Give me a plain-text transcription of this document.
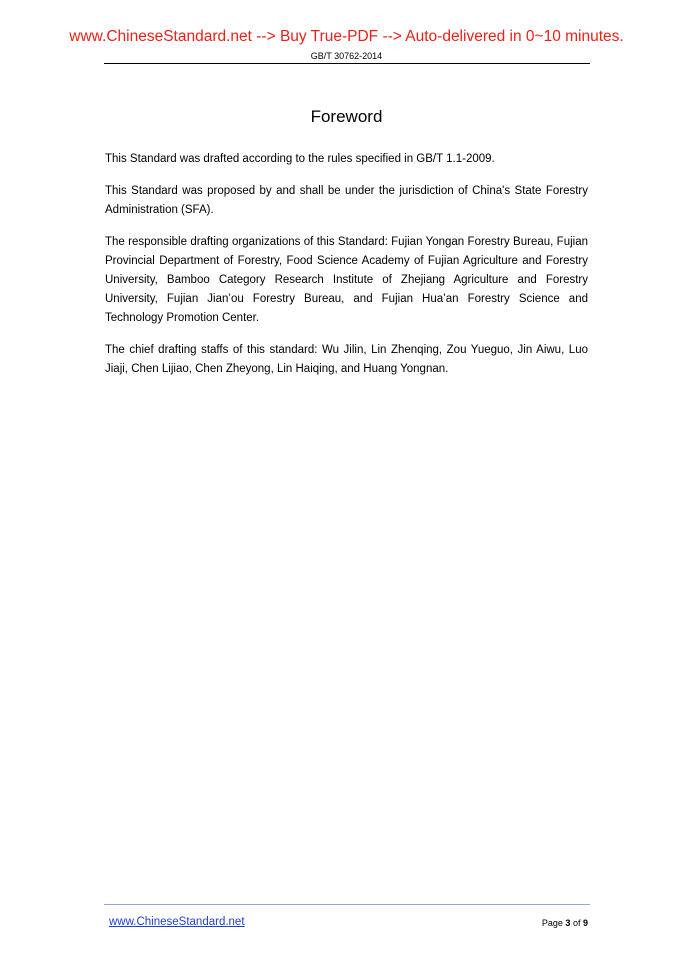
www.ChineseStandard.net --> Buy True-PDF --> Auto-delivered in 0~10 minutes.
GB/T 30762-2014
Foreword

This Standard was drafted according to the rules specified in GB/T 1.1-2009.

This Standard was proposed by and shall be under the jurisdiction of China's State Forestry Administration (SFA).

The responsible drafting organizations of this Standard: Fujian Yongan Forestry Bureau, Fujian Provincial Department of Forestry, Food Science Academy of Fujian Agriculture and Forestry University, Bamboo Category Research Institute of Zhejiang Agriculture and Forestry University, Fujian Jian’ou Forestry Bureau, and Fujian Hua’an Forestry Science and Technology Promotion Center.

The chief drafting staffs of this standard: Wu Jilin, Lin Zhenqing, Zou Yueguo, Jin Aiwu, Luo Jiaji, Chen Lijiao, Chen Zheyong, Lin Haiqing, and Huang Yongnan.

www.ChineseStandard.net	Page 3 of 9
